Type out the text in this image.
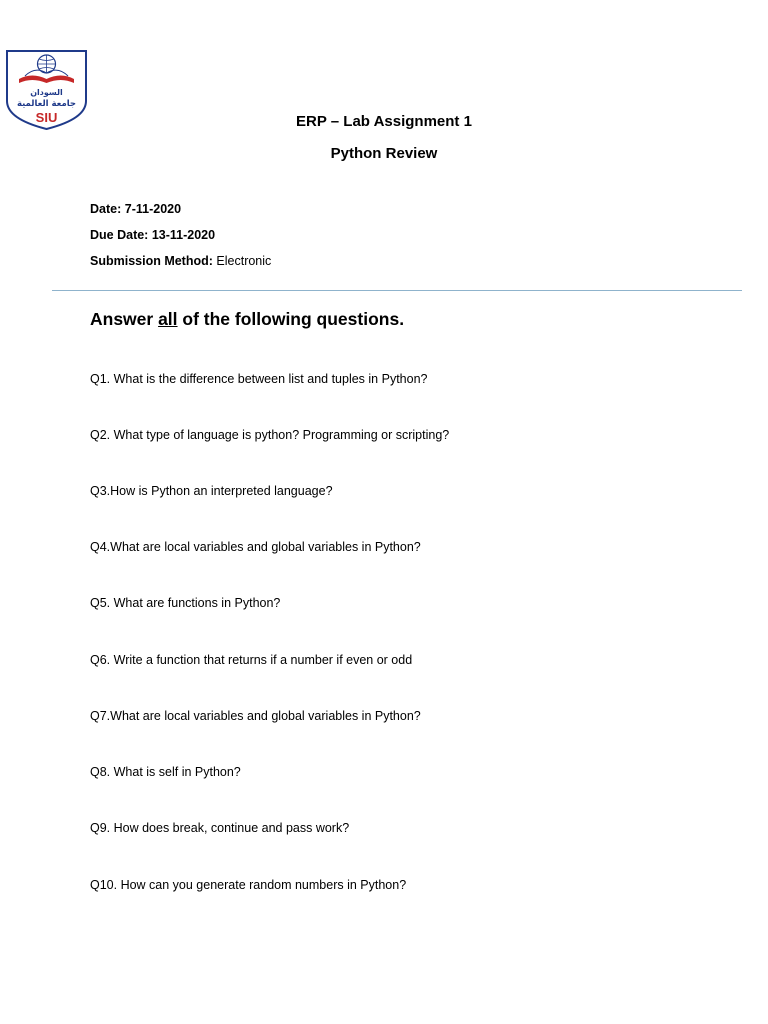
السودان
جامعة العالمية
SIU	ERP – Lab Assignment 1
Python Review
Date: 7-11-2020
Due Date: 13-11-2020
Submission Method: Electronic
Answer all of the following questions.
Q1. What is the difference between list and tuples in Python?
Q2. What type of language is python? Programming or scripting?
Q3.How is Python an interpreted language?
Q4.What are local variables and global variables in Python?
Q5. What are functions in Python?
Q6. Write a function that returns if a number if even or odd
Q7.What are local variables and global variables in Python?
Q8. What is self in Python?
Q9. How does break, continue and pass work?
Q10. How can you generate random numbers in Python?
